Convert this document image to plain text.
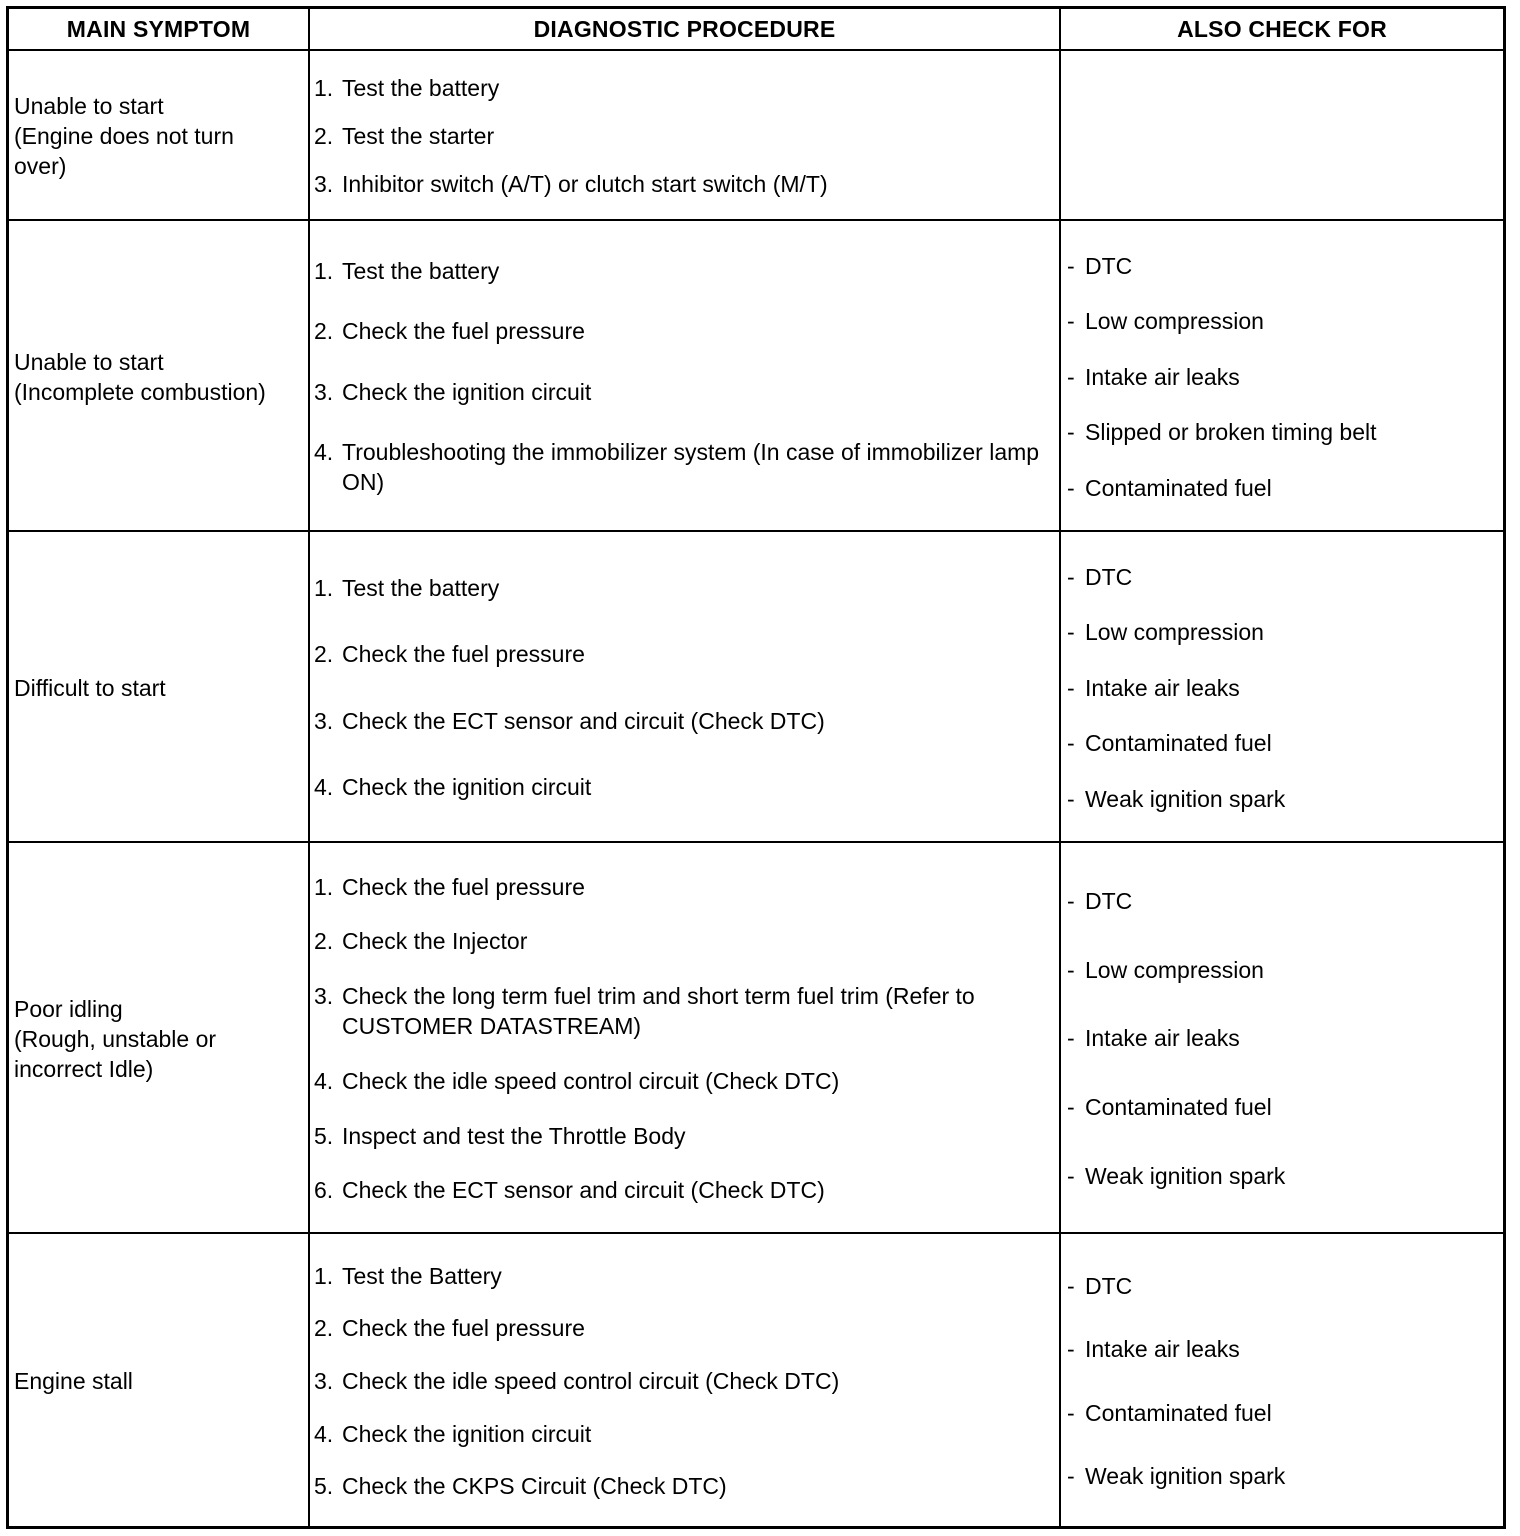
MAIN SYMPTOM	DIAGNOSTIC PROCEDURE	ALSO CHECK FOR
Unable to start
(Engine does not turn
over)
1. Test the battery
2. Test the starter
3. Inhibitor switch (A/T) or clutch start switch (M/T)
Unable to start
(Incomplete combustion)
1. Test the battery
2. Check the fuel pressure
3. Check the ignition circuit
4. Troubleshooting the immobilizer system (In case of immobilizer lamp ON)
- DTC
- Low compression
- Intake air leaks
- Slipped or broken timing belt
- Contaminated fuel
Difficult to start
1. Test the battery
2. Check the fuel pressure
3. Check the ECT sensor and circuit (Check DTC)
4. Check the ignition circuit
- DTC
- Low compression
- Intake air leaks
- Contaminated fuel
- Weak ignition spark
Poor idling
(Rough, unstable or
incorrect Idle)
1. Check the fuel pressure
2. Check the Injector
3. Check the long term fuel trim and short term fuel trim (Refer to CUSTOMER DATASTREAM)
4. Check the idle speed control circuit (Check DTC)
5. Inspect and test the Throttle Body
6. Check the ECT sensor and circuit (Check DTC)
- DTC
- Low compression
- Intake air leaks
- Contaminated fuel
- Weak ignition spark
Engine stall
1. Test the Battery
2. Check the fuel pressure
3. Check the idle speed control circuit (Check DTC)
4. Check the ignition circuit
5. Check the CKPS Circuit (Check DTC)
- DTC
- Intake air leaks
- Contaminated fuel
- Weak ignition spark
